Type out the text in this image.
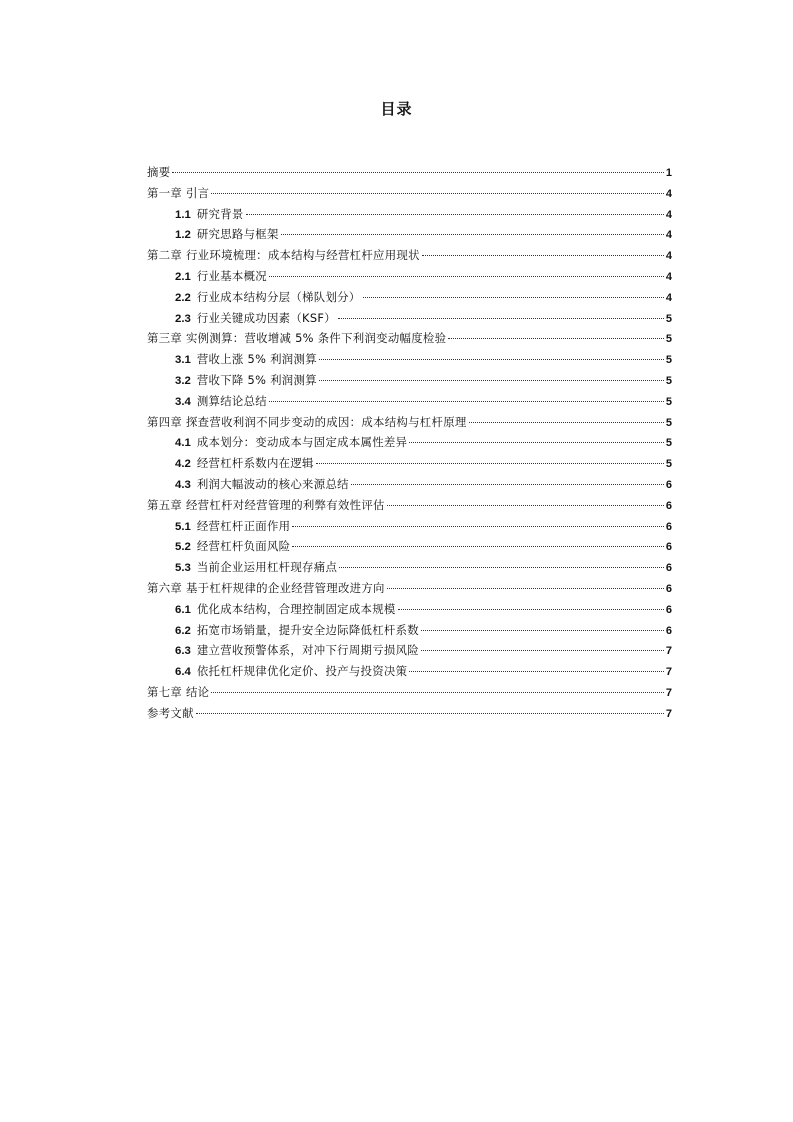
目录
摘要	1
第一章 引言	4
1.1 研究背景	4
1.2 研究思路与框架	4
第二章 行业环境梳理：成本结构与经营杠杆应用现状	4
2.1 行业基本概况	4
2.2 行业成本结构分层（梯队划分）	4
2.3 行业关键成功因素（KSF）	5
第三章 实例测算：营收增减 5% 条件下利润变动幅度检验	5
3.1 营收上涨 5% 利润测算	5
3.2 营收下降 5% 利润测算	5
3.4 测算结论总结	5
第四章 探查营收利润不同步变动的成因：成本结构与杠杆原理	5
4.1 成本划分：变动成本与固定成本属性差异	5
4.2 经营杠杆系数内在逻辑	5
4.3 利润大幅波动的核心来源总结	6
第五章 经营杠杆对经营管理的利弊有效性评估	6
5.1 经营杠杆正面作用	6
5.2 经营杠杆负面风险	6
5.3 当前企业运用杠杆现存痛点	6
第六章 基于杠杆规律的企业经营管理改进方向	6
6.1 优化成本结构，合理控制固定成本规模	6
6.2 拓宽市场销量，提升安全边际降低杠杆系数	6
6.3 建立营收预警体系，对冲下行周期亏损风险	7
6.4 依托杠杆规律优化定价、投产与投资决策	7
第七章 结论	7
参考文献	7
